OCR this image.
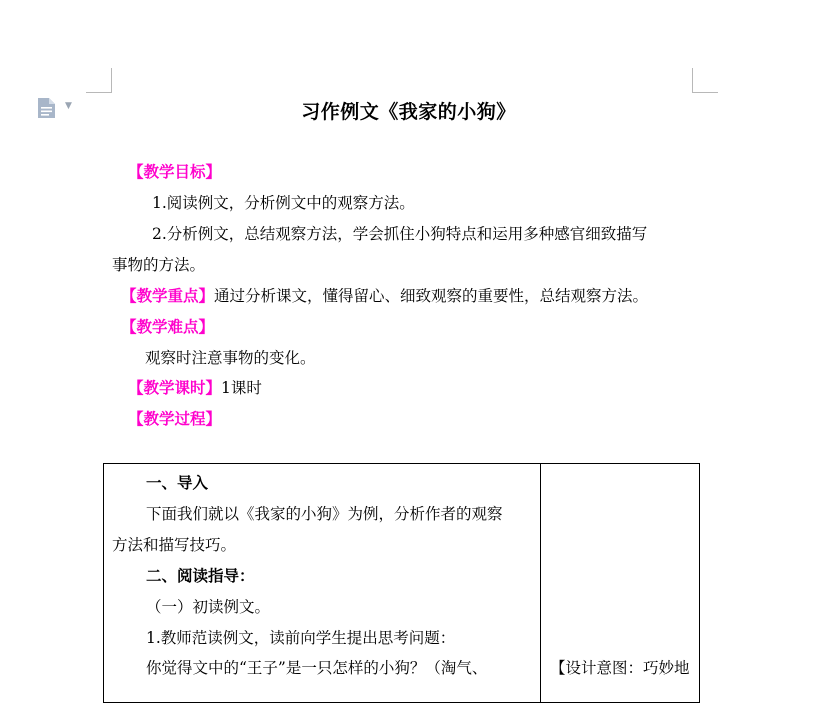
▼	习作例文《我家的小狗》
【教学目标】
1.阅读例文，分析例文中的观察方法。
2.分析例文，总结观察方法，学会抓住小狗特点和运用多种感官细致描写
事物的方法。
【教学重点】通过分析课文，懂得留心、细致观察的重要性，总结观察方法。
【教学难点】
观察时注意事物的变化。
【教学课时】1课时
【教学过程】
一、导入
下面我们就以《我家的小狗》为例，分析作者的观察
方法和描写技巧。
二、阅读指导：
（一）初读例文。
1.教师范读例文，读前向学生提出思考问题：
你觉得文中的“王子”是一只怎样的小狗？（淘气、	【设计意图：巧妙地
